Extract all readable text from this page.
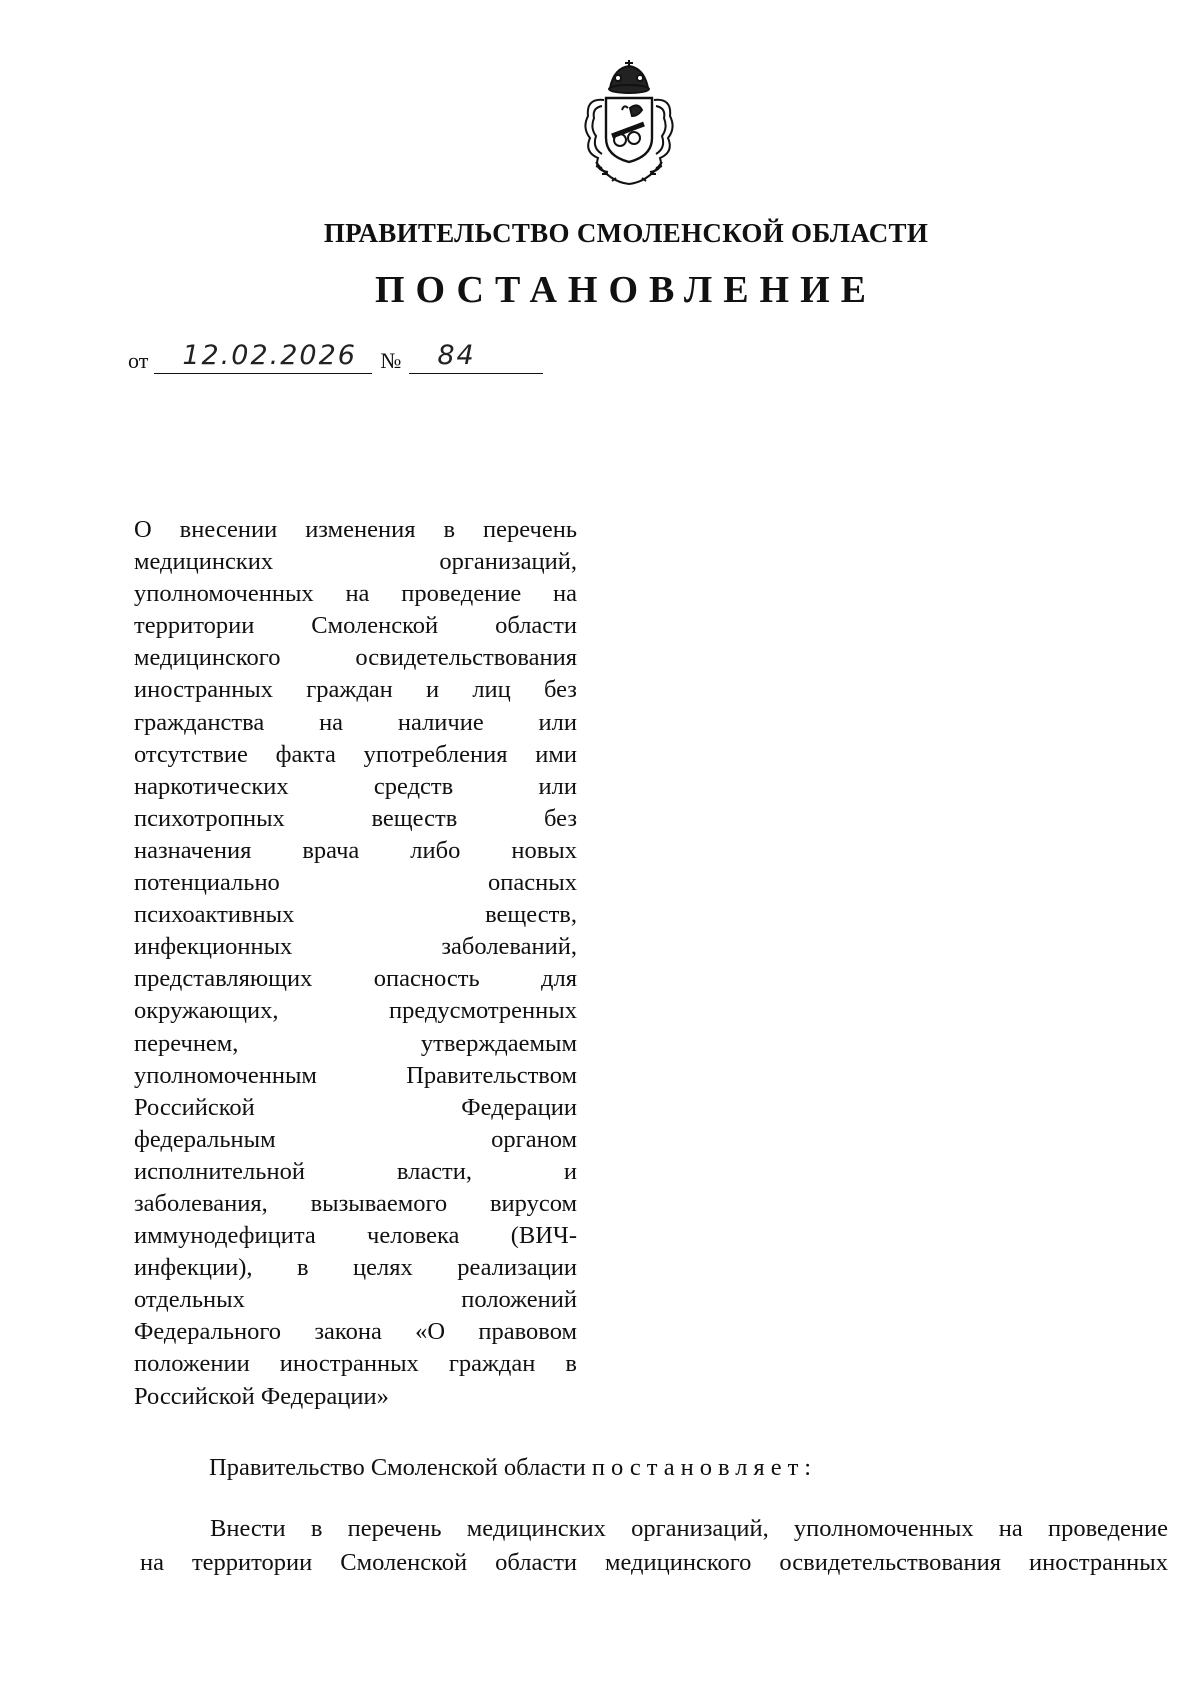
ПРАВИТЕЛЬСТВО СМОЛЕНСКОЙ ОБЛАСТИ
ПОСТАНОВЛЕНИЕ
от 12.02.2026 № 84
О внесении изменения в перечень
медицинских организаций,
уполномоченных на проведение на
территории Смоленской области
медицинского освидетельствования
иностранных граждан и лиц без
гражданства на наличие или
отсутствие факта употребления ими
наркотических средств или
психотропных веществ без
назначения врача либо новых
потенциально опасных
психоактивных веществ,
инфекционных заболеваний,
представляющих опасность для
окружающих, предусмотренных
перечнем, утверждаемым
уполномоченным Правительством
Российской Федерации
федеральным органом
исполнительной власти, и
заболевания, вызываемого вирусом
иммунодефицита человека (ВИЧ-
инфекции), в целях реализации
отдельных положений
Федерального закона «О правовом
положении иностранных граждан в
Российской Федерации»
Правительство Смоленской области постановляет:
Внести в перечень медицинских организаций, уполномоченных на проведение
на территории Смоленской области медицинского освидетельствования иностранных
